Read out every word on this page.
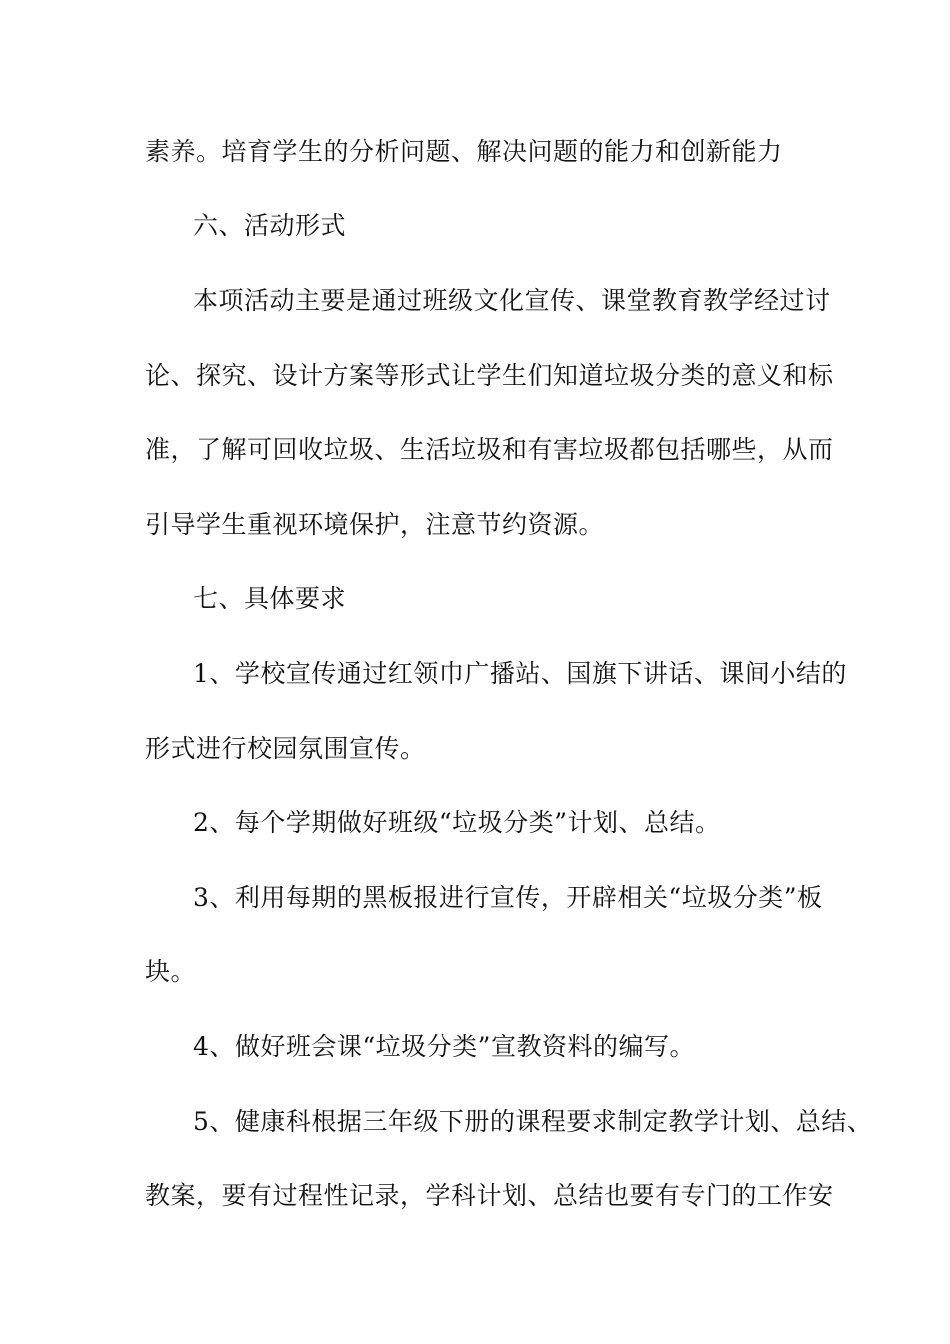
素养。培育学生的分析问题、解决问题的能力和创新能力
六、活动形式
本项活动主要是通过班级文化宣传、课堂教育教学经过讨
论、探究、设计方案等形式让学生们知道垃圾分类的意义和标
准，了解可回收垃圾、生活垃圾和有害垃圾都包括哪些，从而
引导学生重视环境保护，注意节约资源。
七、具体要求
1、学校宣传通过红领巾广播站、国旗下讲话、课间小结的
形式进行校园氛围宣传。
2、每个学期做好班级“垃圾分类”计划、总结。
3、利用每期的黑板报进行宣传，开辟相关“垃圾分类”板
块。
4、做好班会课“垃圾分类”宣教资料的编写。
5、健康科根据三年级下册的课程要求制定教学计划、总结、
教案，要有过程性记录，学科计划、总结也要有专门的工作安
